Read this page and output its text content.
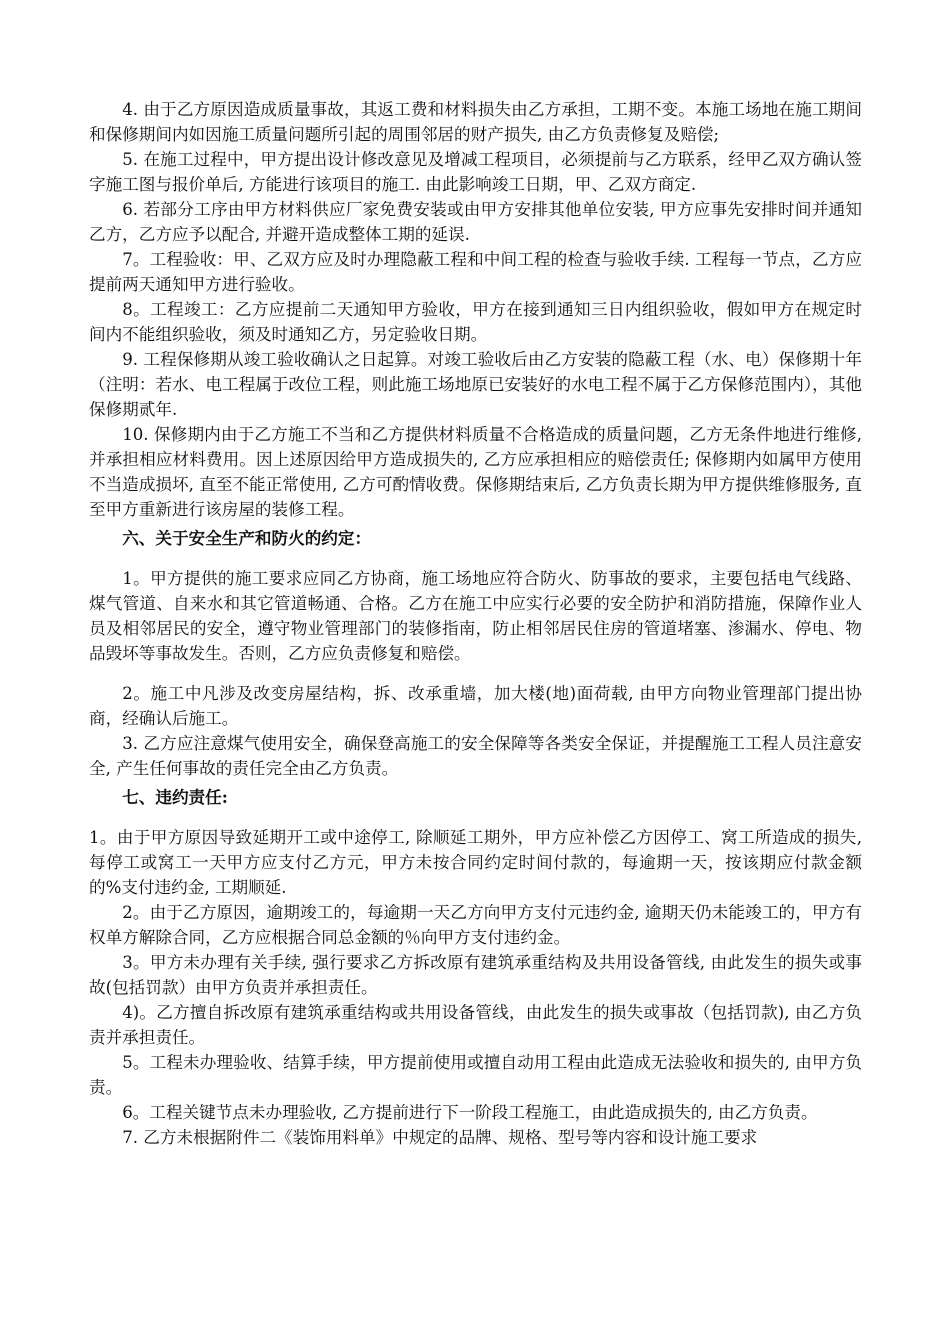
4. 由于乙方原因造成质量事故，其返工费和材料损失由乙方承担，工期不变。本施工场地在施工期间和保修期间内如因施工质量问题所引起的周围邻居的财产损失, 由乙方负责修复及赔偿;

5. 在施工过程中，甲方提出设计修改意见及增减工程项目，必须提前与乙方联系，经甲乙双方确认签字施工图与报价单后, 方能进行该项目的施工. 由此影响竣工日期，甲、乙双方商定.

6. 若部分工序由甲方材料供应厂家免费安装或由甲方安排其他单位安装, 甲方应事先安排时间并通知乙方，乙方应予以配合, 并避开造成整体工期的延误.

7。工程验收：甲、乙双方应及时办理隐蔽工程和中间工程的检查与验收手续. 工程每一节点，乙方应提前两天通知甲方进行验收。

8。工程竣工：乙方应提前二天通知甲方验收，甲方在接到通知三日内组织验收，假如甲方在规定时间内不能组织验收，须及时通知乙方，另定验收日期。

9. 工程保修期从竣工验收确认之日起算。对竣工验收后由乙方安装的隐蔽工程（水、电）保修期十年（注明：若水、电工程属于改位工程，则此施工场地原已安装好的水电工程不属于乙方保修范围内），其他保修期贰年.

10. 保修期内由于乙方施工不当和乙方提供材料质量不合格造成的质量问题，乙方无条件地进行维修, 并承担相应材料费用。因上述原因给甲方造成损失的, 乙方应承担相应的赔偿责任; 保修期内如属甲方使用不当造成损坏, 直至不能正常使用, 乙方可酌情收费。保修期结束后, 乙方负责长期为甲方提供维修服务, 直至甲方重新进行该房屋的装修工程。

六、关于安全生产和防火的约定：

1。甲方提供的施工要求应同乙方协商，施工场地应符合防火、防事故的要求，主要包括电气线路、煤气管道、自来水和其它管道畅通、合格。乙方在施工中应实行必要的安全防护和消防措施，保障作业人员及相邻居民的安全，遵守物业管理部门的装修指南，防止相邻居民住房的管道堵塞、渗漏水、停电、物品毁坏等事故发生。否则，乙方应负责修复和赔偿。

2。施工中凡涉及改变房屋结构，拆、改承重墙，加大楼(地)面荷载, 由甲方向物业管理部门提出协商，经确认后施工。

3. 乙方应注意煤气使用安全，确保登高施工的安全保障等各类安全保证，并提醒施工工程人员注意安全, 产生任何事故的责任完全由乙方负责。

七、违约责任:

1。由于甲方原因导致延期开工或中途停工, 除顺延工期外，甲方应补偿乙方因停工、窝工所造成的损失, 每停工或窝工一天甲方应支付乙方元，甲方未按合同约定时间付款的，每逾期一天，按该期应付款金额的%支付违约金, 工期顺延.

2。由于乙方原因，逾期竣工的，每逾期一天乙方向甲方支付元违约金, 逾期天仍未能竣工的，甲方有权单方解除合同，乙方应根据合同总金额的％向甲方支付违约金。

3。甲方未办理有关手续, 强行要求乙方拆改原有建筑承重结构及共用设备管线, 由此发生的损失或事故(包括罚款）由甲方负责并承担责任。

4)。乙方擅自拆改原有建筑承重结构或共用设备管线，由此发生的损失或事故（包括罚款), 由乙方负责并承担责任。

5。工程未办理验收、结算手续，甲方提前使用或擅自动用工程由此造成无法验收和损失的, 由甲方负责。

6。工程关键节点未办理验收, 乙方提前进行下一阶段工程施工，由此造成损失的, 由乙方负责。

7. 乙方未根据附件二《装饰用料单》中规定的品牌、规格、型号等内容和设计施工要求
